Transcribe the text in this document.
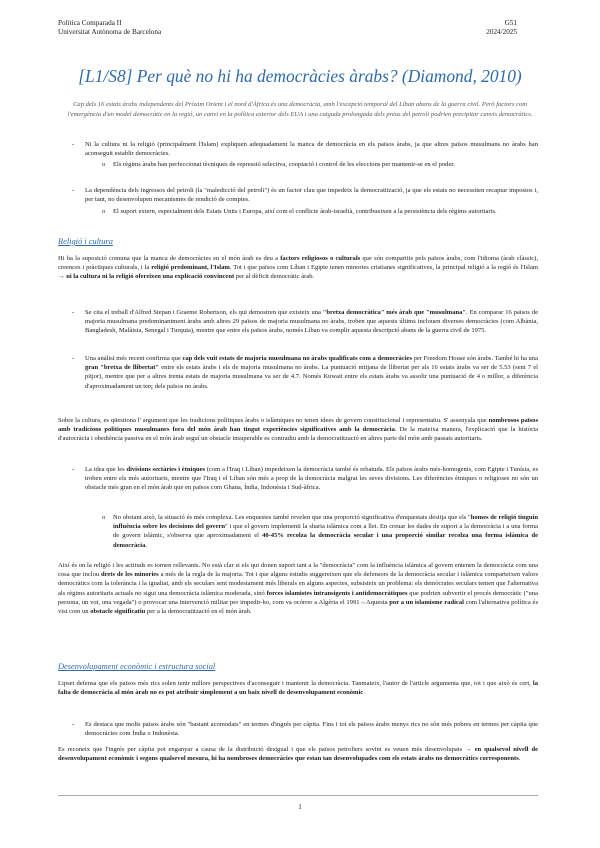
Política Comparada II
Universitat Autònoma de Barcelona
G51
2024/2025
[L1/S8] Per què no hi ha democràcies àrabs? (Diamond, 2010)
Cap dels 16 estats àrabs independents del Pròxim Orient i el nord d'Àfrica és una democràcia, amb l'excepció temporal del Líban abans de la guerra civil. Però factors com l'emergència d'un model democràtic en la regió, un canvi en la política exterior dels EUA i una caiguda prolongada dels preus del petroli podrien precipitar canvis democràtics.
- Ni la cultura ni la religió (principalment l'Islam) expliquen adequadament la manca de democràcia en els països àrabs, ja que altres països musulmans no àrabs han aconseguit establir democràcies.
o Els règims àrabs han perfeccionat tècniques de repressió selectiva, cooptació i control de les eleccions per mantenir-se en el poder.
- La dependència dels ingressos del petroli (la "maledicció del petroli") és un factor clau que impedeix la democratització, ja que els estats no necessiten recaptar impostos i, per tant, no desenvolupen mecanismes de rendició de comptes.
o El suport extern, especialment dels Estats Units i Europa, així com el conflicte àrab-israelià, contribueixen a la persistència dels règims autoritaris.
Religió i cultura
Hi ha la suposició comuna que la manca de democràcies en el món àrab es deu a factors religiosos o culturals que són compartits pels països àrabs, com l'idioma (àrab clàssic), creences i pràctiques culturals, i la religió predominant, l'Islam. Tot i que països com Líban i Egipte tenen minories cristianes significatives, la principal religió a la regió és l'Islam → ni la cultura ni la religió ofereixen una explicació convincent per al dèficit democràtic àrab.
- Se cita el treball d'Alfred Stepan i Graeme Robertson, els qui demostren que existeix una "bretxa democràtica" més àrab que "musulmana". En comparar 16 països de majoria musulmana predominantment àrabs amb altres 29 països de majoria musulmana no àrabs, troben que aquests últims inclouen diverses democràcies (com Albània, Bangladesh, Malàisia, Senegal i Turquia), mentre que entre els països àrabs, només Líban va complir aquesta descripció abans de la guerra civil de 1975.
- Una anàlisi més recent confirma que cap dels vuit estats de majoria musulmana no àrabs qualificats com a democràcies per Freedom House són àrabs. També hi ha una gran "bretxa de llibertat" entre els estats àrabs i els de majoria musulmana no àrabs. La puntuació mitjana de llibertat per als 16 estats àrabs va ser de 5.53 (sent 7 el pitjor), mentre que per a altres trenta estats de majoria musulmana va ser de 4.7. Només Kuwait entre els estats àrabs va assolir una puntuació de 4 o millor, a diferència d'aproximadament un terç dels països no àrabs.
Sobre la cultura, es qüestiona l' argument que les tradicions polítiques àrabs o islàmiques no tenen idees de govern constitucional i representatiu. S' assenyala que nombrosos països amb tradicions polítiques musulmanes fora del món àrab han tingut experiències significatives amb la democràcia. De la mateixa manera, l'explicació que la història d'autocràcia i obediència passiva en el món àrab seguí un obstacle insuperable es contradiu amb la democratització en altres parts del món amb passats autoritaris.
- La idea que les divisions sectàries i ètniques (com a l'Iraq i Líban) impedeixen la democràcia també és rebatuda. Els països àrabs més-homogenis, com Egipte i Tunísia, es troben entre els més autoritaris, mentre que l'Iraq i el Líban són més a prop de la democràcia malgrat les seves divisions. Les diferències ètniques o religioses no són un obstacle més gran en el món àrab que en països com Ghana, Índia, Indonèsia i Sud-àfrica.
o No obstant això, la situació és més complexa. Les enquestes també revelen que una proporció significativa d'enquestats desitja que els "homes de religió tinguin influència sobre les decisions del govern" i que el govern implementi la sharia islàmica com a llei. En creuar les dades de suport a la democràcia i a una forma de govern islàmic, s'observa que aproximadament el 40-45% recolza la democràcia secular i una proporció similar recolza una forma islàmica de democràcia.
Així és on la religió i les actituds es tornen rellevants. No està clar si els qui donen suport tant a la "democràcia" com la influència islàmica al govern entenen la democràcia com una cosa que inclou drets de les minories a més de la regla de la majoria. Tot i que alguns estudis suggereixen que els defensors de la democràcia secular i islàmica comparteixen valors democràtics com la tolerància i la igualtat, amb els seculars sent modestament més liberals en alguns aspectes, subsisteix un problema: els demòcrates seculars temen que l'alternativa als règims autoritaris actuals no sigui una democràcia islàmica moderada, sinó forces islamistes intransigents i antidemocràtiques que podrien subvertir el procés democràtic ("una persona, un vot, una vegada") o provocar una intervenció militar per impedir-ho, com va ocórrer a Algèria el 1991→Aquesta por a un islamisme radical com l'alternativa política és vist com un obstacle significatiu per a la democratització en el món àrab.
Desenvolupament econòmic i estructura social
Lipset defensa que els països més rics solen tenir millors perspectives d'aconseguir i mantenir la democràcia. Tanmateix, l'autor de l'article argumenta que, tot i que això és cert, la falta de democràcia al món àrab no es pot atribuir simplement a un baix nivell de desenvolupament econòmic.
- Es destaca que molts països àrabs són "bastant acomodats" en termes d'ingrés per càpita. Fins i tot els països àrabs menys rics no són més pobres en termes per càpita que democràcies com Índia o Indonèsia.
Es reconeix que l'ingrés per càpita pot enganyar a causa de la distribució desigual i que els països petroliers sovint es veuen més desenvolupats → en qualsevol nivell de desenvolupament econòmic i segons qualsevol mesura, hi ha nombroses democràcies que estan tan desenvolupades com els estats àrabs no democràtics corresponents.
1
